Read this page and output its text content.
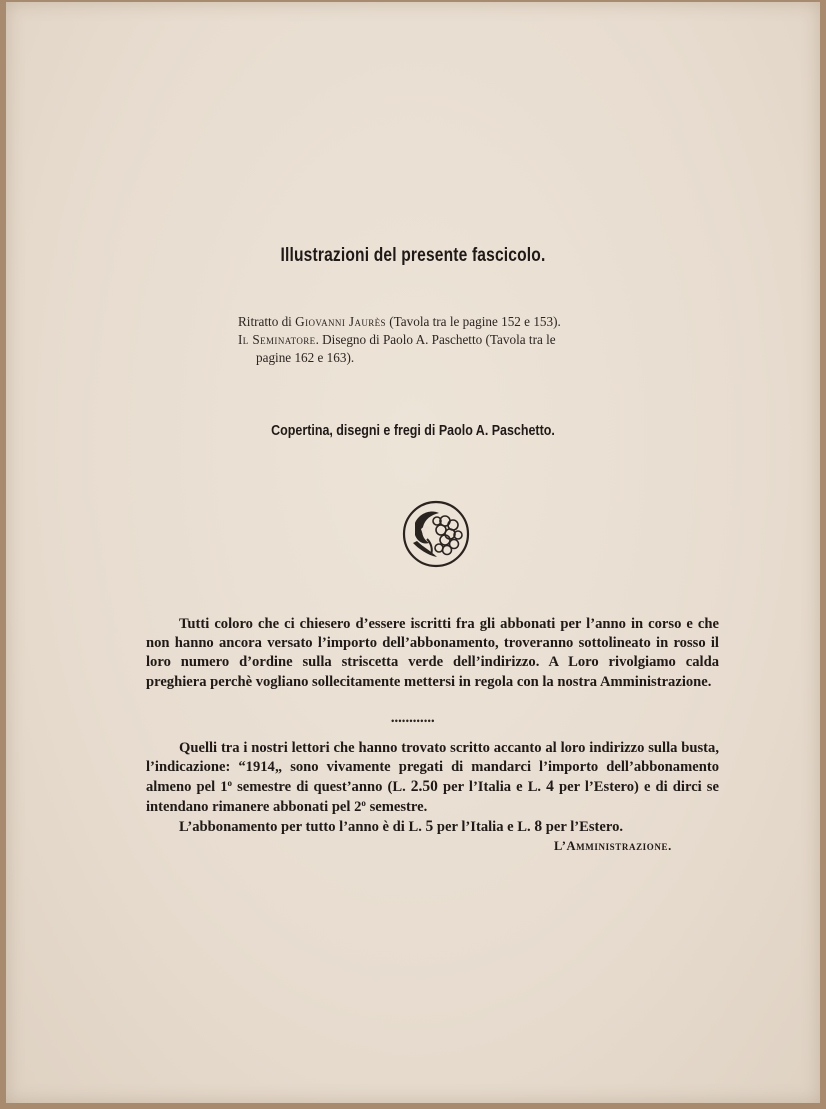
Illustrazioni del presente fascicolo.

Ritratto di Giovanni Jaurès (Tavola tra le pagine 152 e 153).

Il Seminatore. Disegno di Paolo A. Paschetto (Tavola tra le

pagine 162 e 163).

Copertina, disegni e fregi di Paolo A. Paschetto.

Tutti coloro che ci chiesero d’essere iscritti fra gli abbonati per l’anno in corso e che non hanno ancora versato l’importo dell’abbonamento, troveranno sottolineato in rosso il loro numero d’ordine sulla striscetta verde dell’indirizzo. A Loro rivolgiamo calda preghiera perchè vogliano sollecitamente mettersi in regola con la nostra Amministrazione.

••••••••••••

Quelli tra i nostri lettori che hanno trovato scritto accanto al loro indirizzo sulla busta, l’indicazione: “1914„ sono vivamente pregati di mandarci l’importo dell’abbonamento almeno pel 1$^o$ semestre di quest’anno (L. 2.50 per l’Italia e L. 4 per l’Estero) e di dirci se intendano rimanere abbonati pel 2$^o$ semestre.

L’abbonamento per tutto l’anno è di L. 5 per l’Italia e L. 8 per l’Estero.

L’Amministrazione.
